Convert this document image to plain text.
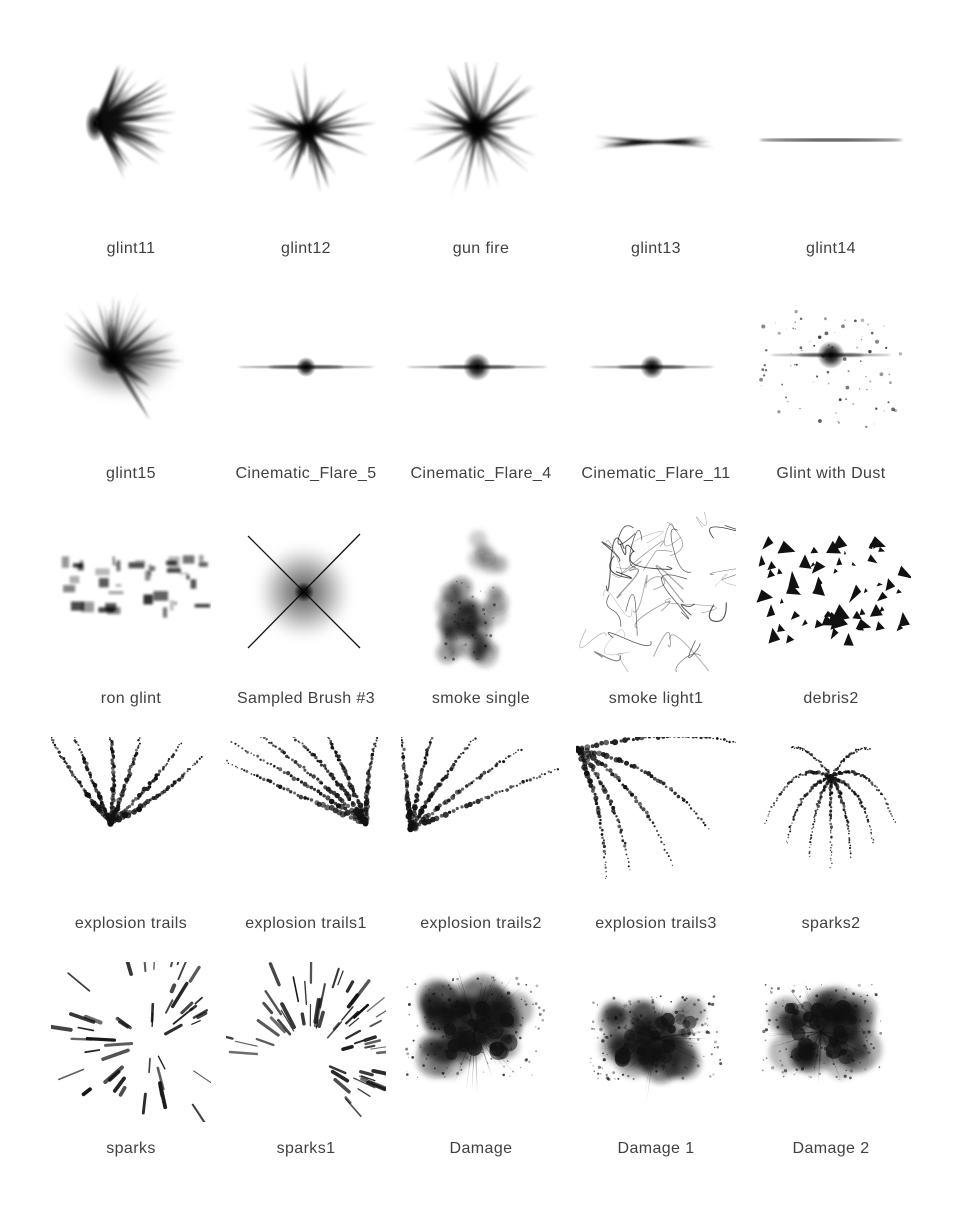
glint11	glint12	gun fire	glint13	glint14
glint15	Cinematic_Flare_5	Cinematic_Flare_4	Cinematic_Flare_11	Glint with Dust
ron glint	Sampled Brush #3	smoke single	smoke light1	debris2
explosion trails	explosion trails1	explosion trails2	explosion trails3	sparks2
sparks	sparks1	Damage	Damage 1	Damage 2
